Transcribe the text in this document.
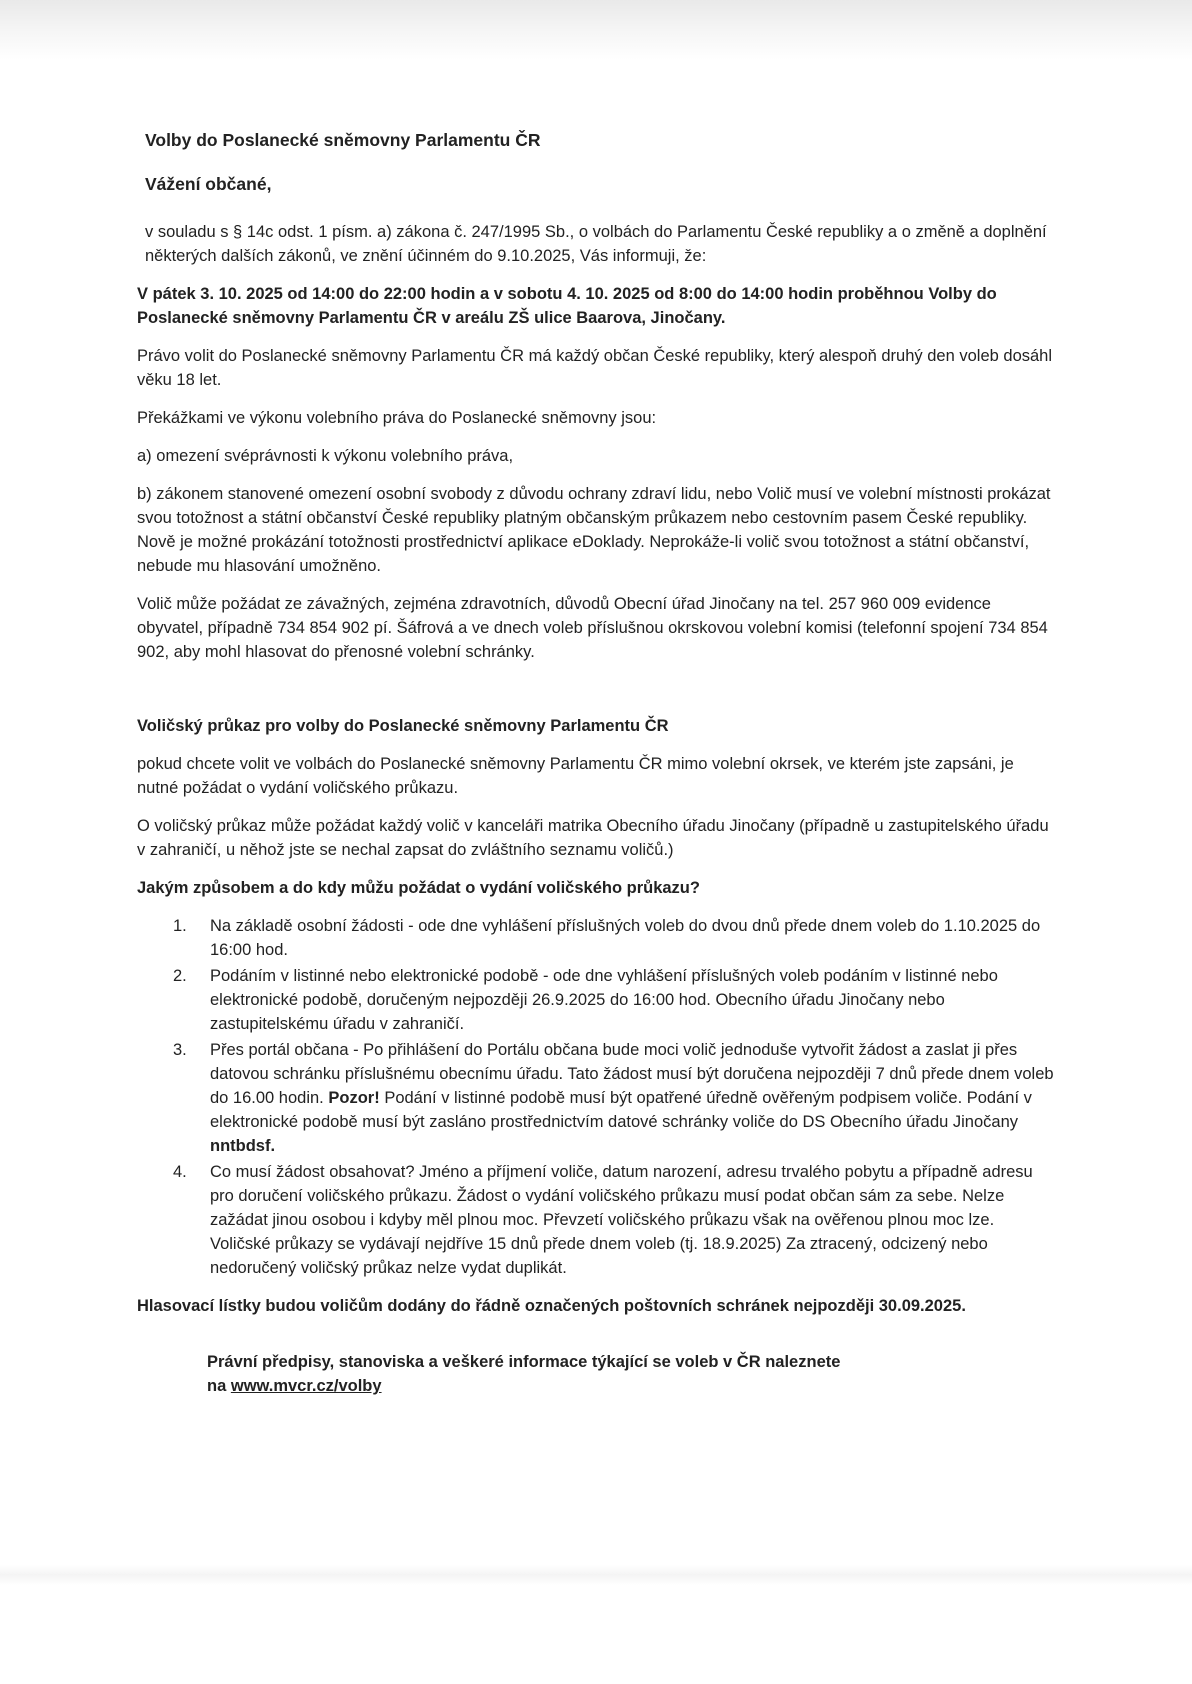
Volby do Poslanecké sněmovny Parlamentu ČR
Vážení občané,

v souladu s § 14c odst. 1 písm. a) zákona č. 247/1995 Sb., o volbách do Parlamentu České republiky a o změně a doplnění některých dalších zákonů, ve znění účinném do 9.10.2025, Vás informuji, že:

V pátek 3. 10. 2025 od 14:00 do 22:00 hodin a v sobotu 4. 10. 2025 od 8:00 do 14:00 hodin proběhnou Volby do Poslanecké sněmovny Parlamentu ČR v areálu ZŠ ulice Baarova, Jinočany.

Právo volit do Poslanecké sněmovny Parlamentu ČR má každý občan České republiky, který alespoň druhý den voleb dosáhl věku 18 let.

Překážkami ve výkonu volebního práva do Poslanecké sněmovny jsou:

a) omezení svéprávnosti k výkonu volebního práva,

b) zákonem stanovené omezení osobní svobody z důvodu ochrany zdraví lidu, nebo Volič musí ve volební místnosti prokázat svou totožnost a státní občanství České republiky platným občanským průkazem nebo cestovním pasem České republiky. Nově je možné prokázání totožnosti prostřednictví aplikace eDoklady. Neprokáže-li volič svou totožnost a státní občanství, nebude mu hlasování umožněno.

Volič může požádat ze závažných, zejména zdravotních, důvodů Obecní úřad Jinočany na tel. 257 960 009 evidence obyvatel, případně 734 854 902 pí. Šáfrová a ve dnech voleb příslušnou okrskovou volební komisi (telefonní spojení 734 854 902, aby mohl hlasovat do přenosné volební schránky.

Voličský průkaz pro volby do Poslanecké sněmovny Parlamentu ČR

pokud chcete volit ve volbách do Poslanecké sněmovny Parlamentu ČR mimo volební okrsek, ve kterém jste zapsáni, je nutné požádat o vydání voličského průkazu.

O voličský průkaz může požádat každý volič v kanceláři matrika Obecního úřadu Jinočany (případně u zastupitelského úřadu v zahraničí, u něhož jste se nechal zapsat do zvláštního seznamu voličů.)

Jakým způsobem a do kdy můžu požádat o vydání voličského průkazu?

1. Na základě osobní žádosti - ode dne vyhlášení příslušných voleb do dvou dnů přede dnem voleb do 1.10.2025 do 16:00 hod.
2. Podáním v listinné nebo elektronické podobě - ode dne vyhlášení příslušných voleb podáním v listinné nebo elektronické podobě, doručeným nejpozději 26.9.2025 do 16:00 hod. Obecního úřadu Jinočany nebo zastupitelskému úřadu v zahraničí.
3. Přes portál občana - Po přihlášení do Portálu občana bude moci volič jednoduše vytvořit žádost a zaslat ji přes datovou schránku příslušnému obecnímu úřadu. Tato žádost musí být doručena nejpozději 7 dnů přede dnem voleb do 16.00 hodin. Pozor! Podání v listinné podobě musí být opatřené úředně ověřeným podpisem voliče. Podání v elektronické podobě musí být zasláno prostřednictvím datové schránky voliče do DS Obecního úřadu Jinočany nntbdsf.
4. Co musí žádost obsahovat? Jméno a příjmení voliče, datum narození, adresu trvalého pobytu a případně adresu pro doručení voličského průkazu. Žádost o vydání voličského průkazu musí podat občan sám za sebe. Nelze zažádat jinou osobou i kdyby měl plnou moc. Převzetí voličského průkazu však na ověřenou plnou moc lze. Voličské průkazy se vydávají nejdříve 15 dnů přede dnem voleb (tj. 18.9.2025) Za ztracený, odcizený nebo nedoručený voličský průkaz nelze vydat duplikát.

Hlasovací lístky budou voličům dodány do řádně označených poštovních schránek nejpozději 30.09.2025.

Právní předpisy, stanoviska a veškeré informace týkající se voleb v ČR naleznete
na www.mvcr.cz/volby
